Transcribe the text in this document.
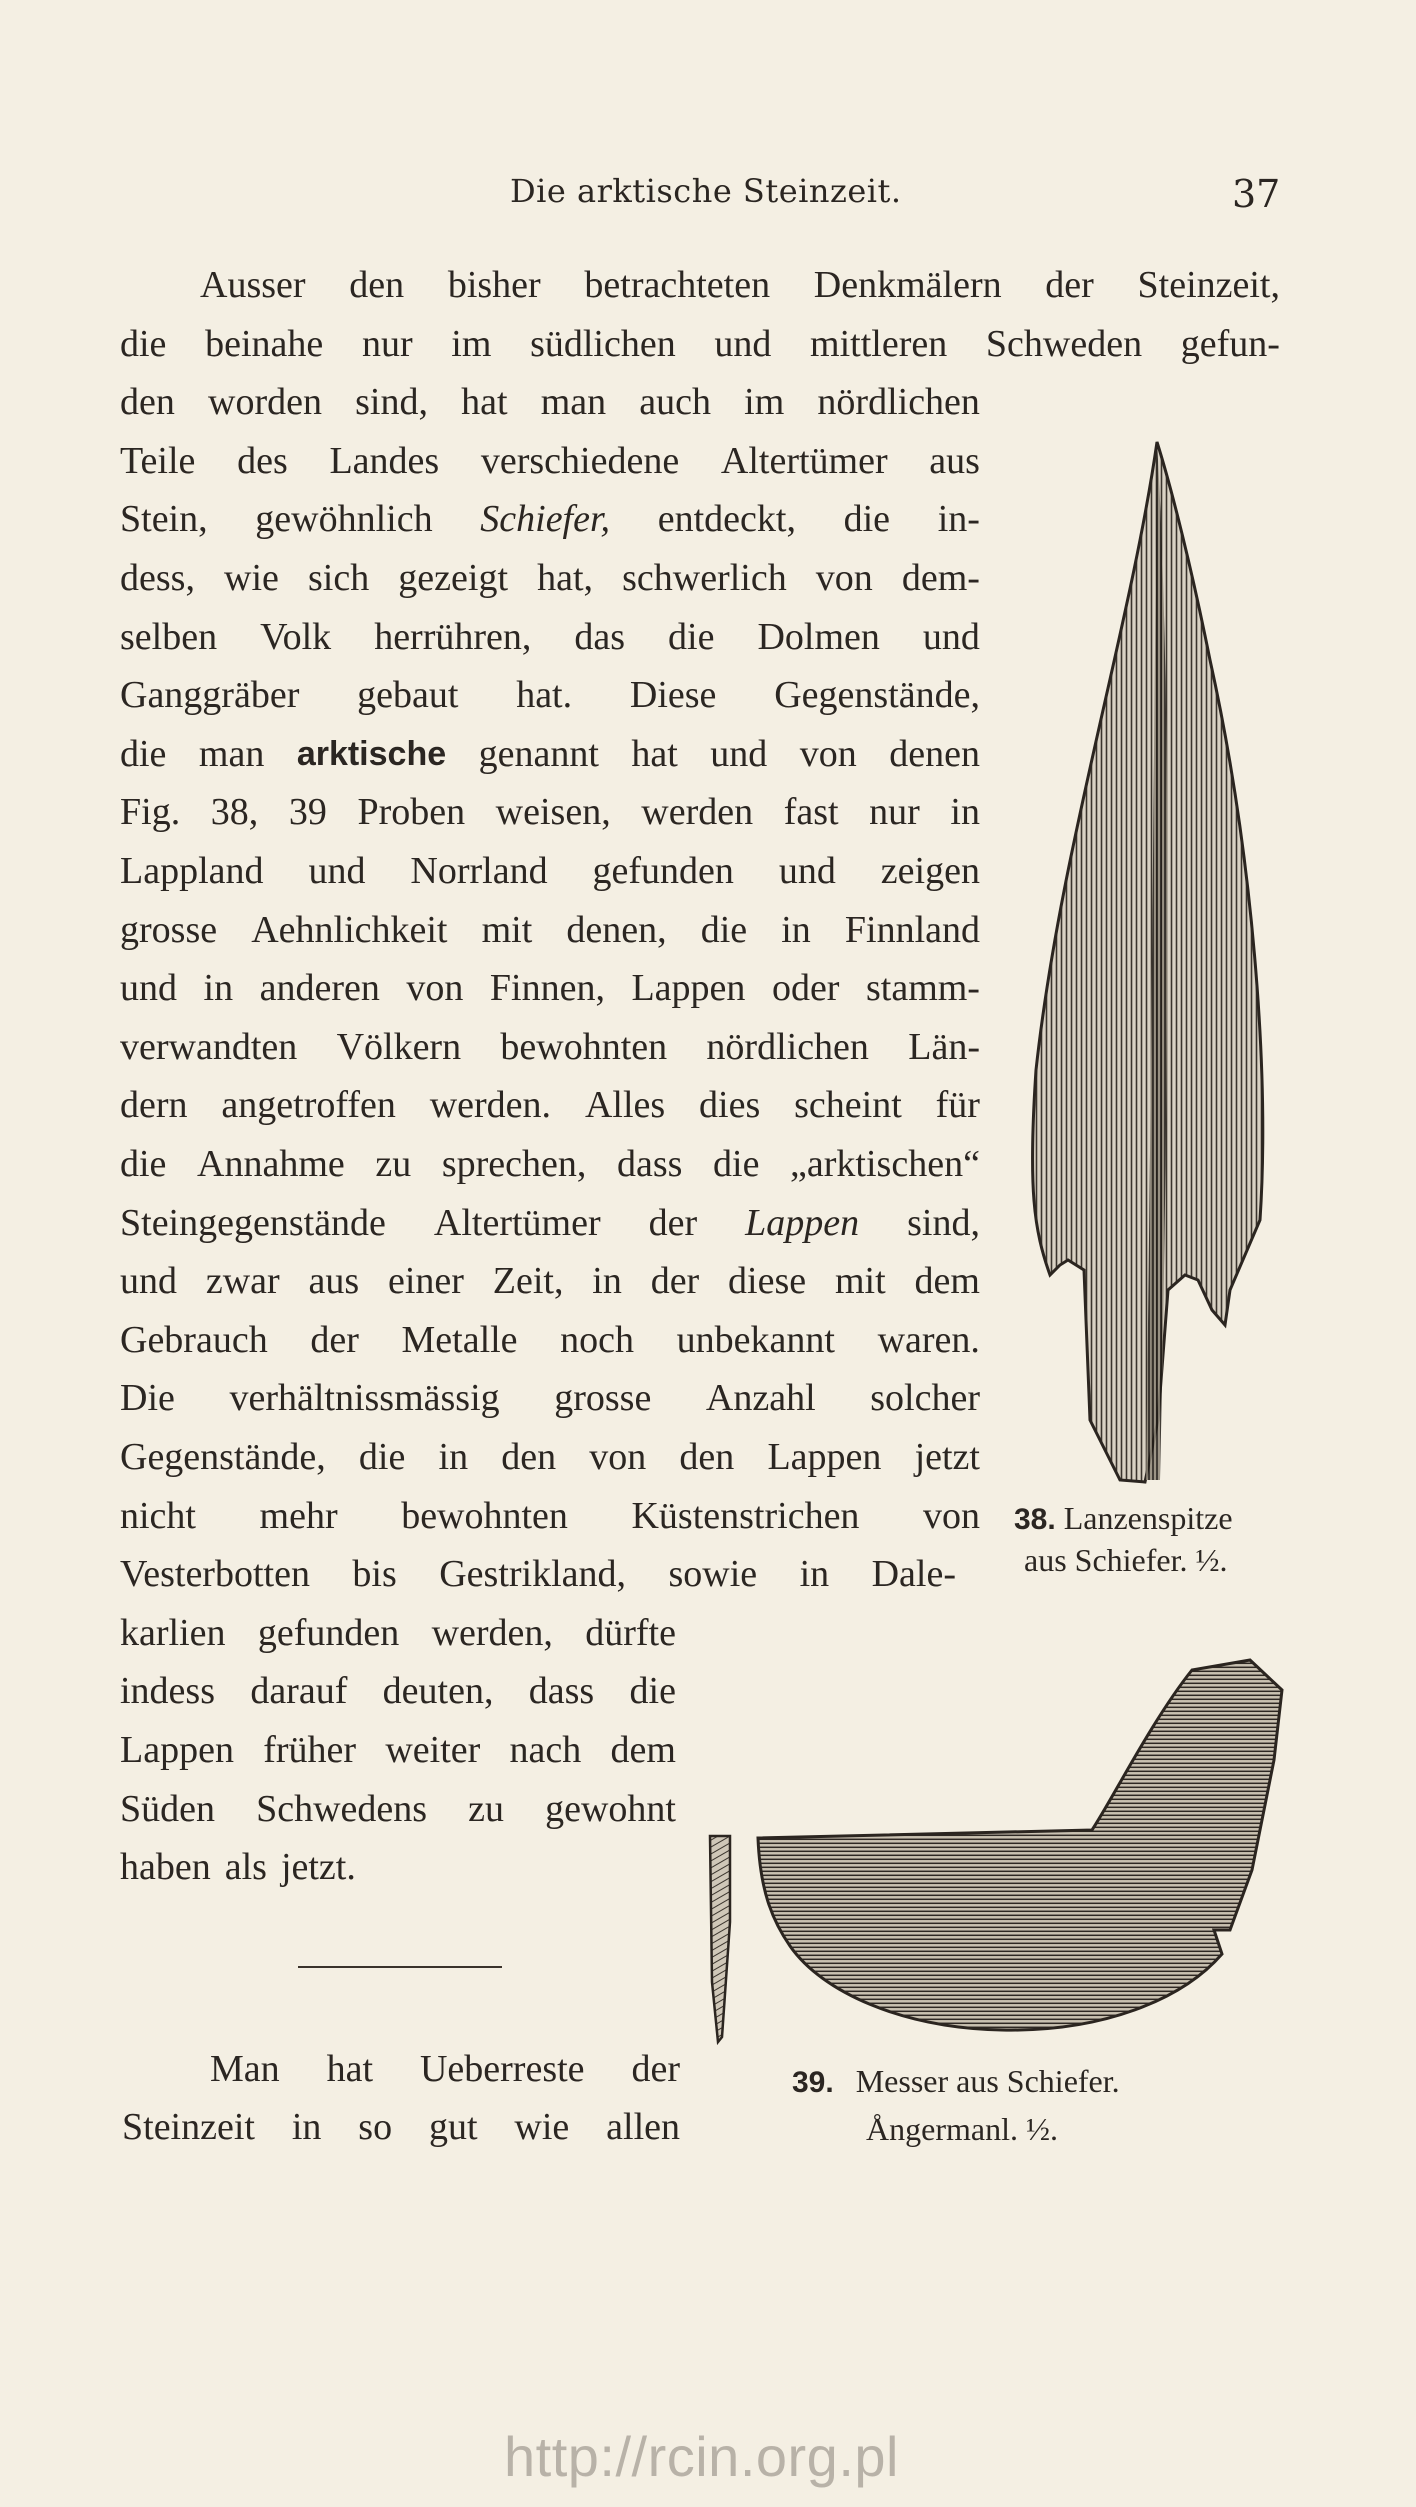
Die arktische Steinzeit.	37
Ausser den bisher betrachteten Denkmälern der Steinzeit,
die beinahe nur im südlichen und mittleren Schweden gefun-
den worden sind, hat man auch im nördlichen
Teile des Landes verschiedene Altertümer aus
Stein, gewöhnlich Schiefer, entdeckt, die in-
dess, wie sich gezeigt hat, schwerlich von dem-
selben Volk herrühren, das die Dolmen und
Ganggräber gebaut hat. Diese Gegenstände,
die man arktische genannt hat und von denen
Fig. 38, 39 Proben weisen, werden fast nur in
Lappland und Norrland gefunden und zeigen
grosse Aehnlichkeit mit denen, die in Finnland
und in anderen von Finnen, Lappen oder stamm-
verwandten Völkern bewohnten nördlichen Län-
dern angetroffen werden. Alles dies scheint für
die Annahme zu sprechen, dass die „arktischen“
Steingegenstände Altertümer der Lappen sind,
und zwar aus einer Zeit, in der diese mit dem
Gebrauch der Metalle noch unbekannt waren.
Die verhältnissmässig grosse Anzahl solcher
Gegenstände, die in den von den Lappen jetzt
nicht mehr bewohnten Küstenstrichen von
Vesterbotten bis Gestrikland, sowie in Dale-
karlien gefunden werden, dürfte
indess darauf deuten, dass die
Lappen früher weiter nach dem
Süden Schwedens zu gewohnt
haben als jetzt.
Man hat Ueberreste der
Steinzeit in so gut wie allen
38. Lanzenspitze
aus Schiefer. ½.
39. Messer aus Schiefer.
Ångermanl. ½.
http://rcin.org.pl
